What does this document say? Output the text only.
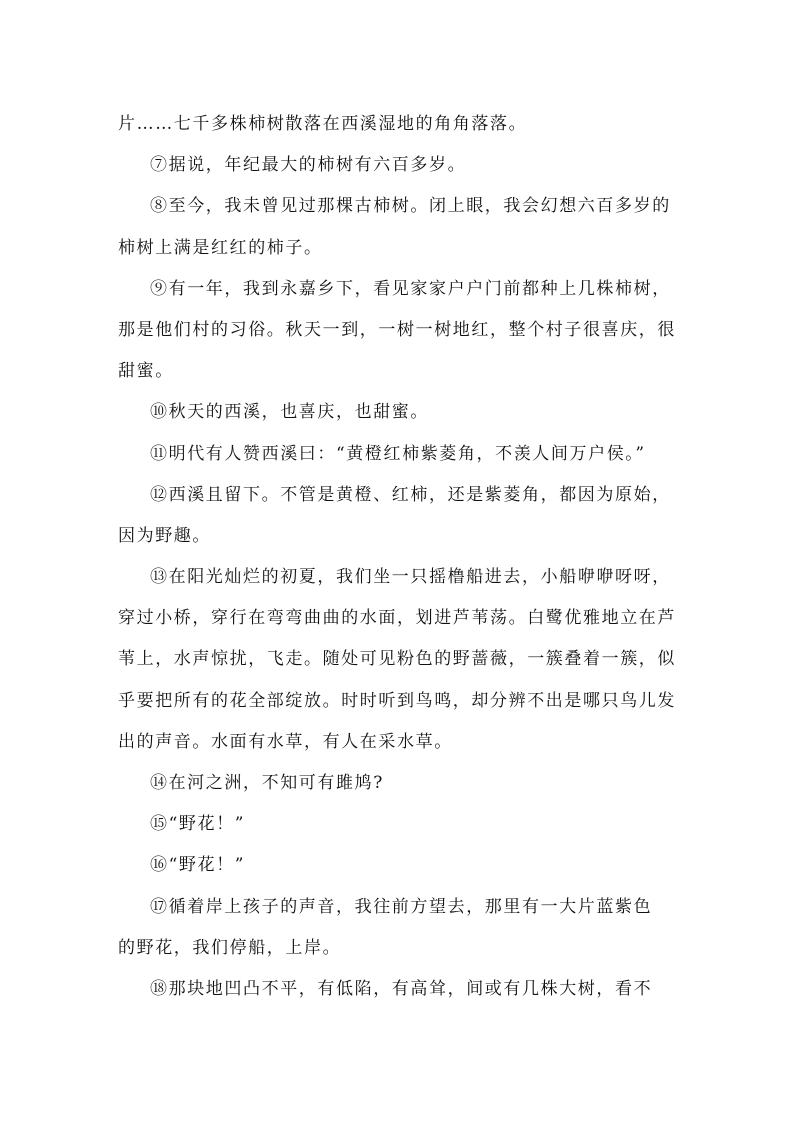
片……七千多株柿树散落在西溪湿地的角角落落。
⑦据说，年纪最大的柿树有六百多岁。
⑧至今，我未曾见过那棵古柿树。闭上眼，我会幻想六百多岁的
柿树上满是红红的柿子。
⑨有一年，我到永嘉乡下，看见家家户户门前都种上几株柿树，
那是他们村的习俗。秋天一到，一树一树地红，整个村子很喜庆，很
甜蜜。
⑩秋天的西溪，也喜庆，也甜蜜。
⑪明代有人赞西溪曰：“黄橙红柿紫菱角，不羡人间万户侯。”
⑫西溪且留下。不管是黄橙、红柿，还是紫菱角，都因为原始，
因为野趣。
⑬在阳光灿烂的初夏，我们坐一只摇橹船进去，小船咿咿呀呀，
穿过小桥，穿行在弯弯曲曲的水面，划进芦苇荡。白鹭优雅地立在芦
苇上，水声惊扰，飞走。随处可见粉色的野蔷薇，一簇叠着一簇，似
乎要把所有的花全部绽放。时时听到鸟鸣，却分辨不出是哪只鸟儿发
出的声音。水面有水草，有人在采水草。
⑭在河之洲，不知可有雎鸠?
⑮“野花！”
⑯“野花！”
⑰循着岸上孩子的声音，我往前方望去，那里有一大片蓝紫色
的野花，我们停船，上岸。
⑱那块地凹凸不平，有低陷，有高耸，间或有几株大树，看不
